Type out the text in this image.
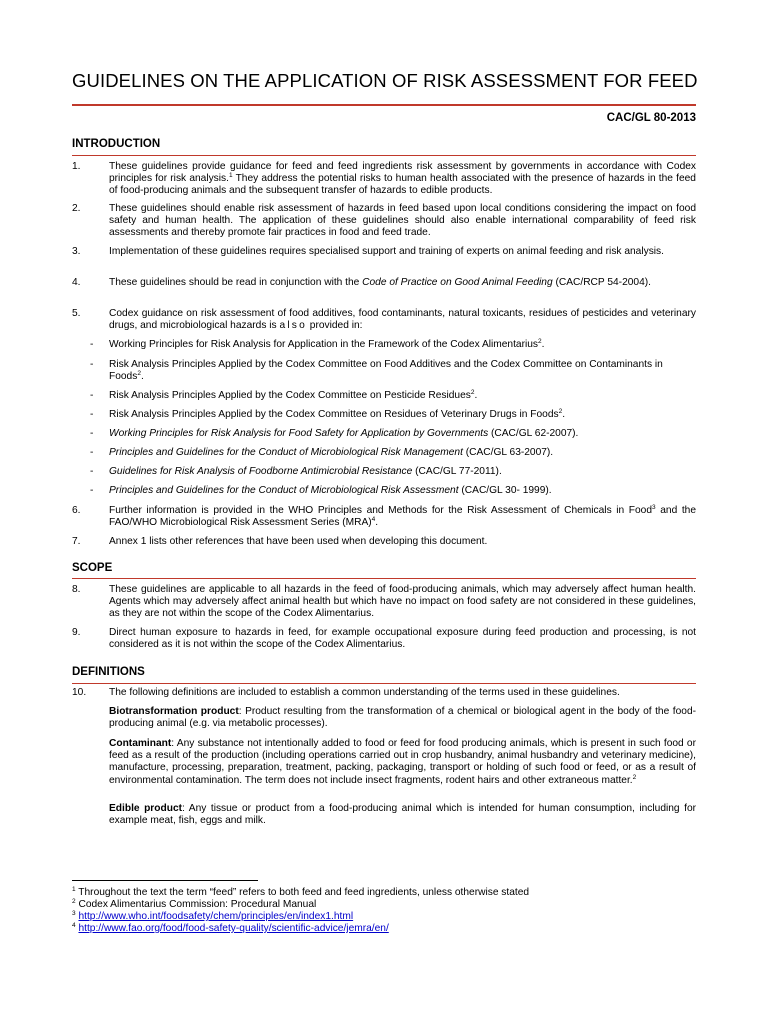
GUIDELINES ON THE APPLICATION OF RISK ASSESSMENT FOR FEED
CAC/GL 80-2013
INTRODUCTION
1.	These guidelines provide guidance for feed and feed ingredients risk assessment by governments in accordance with Codex principles for risk analysis.$^1$ They address the potential risks to human health associated with the presence of hazards in the feed of food-producing animals and the subsequent transfer of hazards to edible products.
2.	These guidelines should enable risk assessment of hazards in feed based upon local conditions considering the impact on food safety and human health. The application of these guidelines should also enable international comparability of feed risk assessments and thereby promote fair practices in food and feed trade.
3.	Implementation of these guidelines requires specialised support and training of experts on animal feeding and risk analysis.
4.	These guidelines should be read in conjunction with the Code of Practice on Good Animal Feeding (CAC/RCP 54-2004).
5.	Codex guidance on risk assessment of food additives, food contaminants, natural toxicants, residues of pesticides and veterinary drugs, and microbiological hazards is also provided in:
- Working Principles for Risk Analysis for Application in the Framework of the Codex Alimentarius$^2$.
- Risk Analysis Principles Applied by the Codex Committee on Food Additives and the Codex Committee on Contaminants in Foods$^2$.
- Risk Analysis Principles Applied by the Codex Committee on Pesticide Residues$^2$.
- Risk Analysis Principles Applied by the Codex Committee on Residues of Veterinary Drugs in Foods$^2$.
- Working Principles for Risk Analysis for Food Safety for Application by Governments (CAC/GL 62-2007).
- Principles and Guidelines for the Conduct of Microbiological Risk Management (CAC/GL 63-2007).
- Guidelines for Risk Analysis of Foodborne Antimicrobial Resistance (CAC/GL 77-2011).
- Principles and Guidelines for the Conduct of Microbiological Risk Assessment (CAC/GL 30- 1999).
6.	Further information is provided in the WHO Principles and Methods for the Risk Assessment of Chemicals in Food$^3$ and the FAO/WHO Microbiological Risk Assessment Series (MRA)$^4$.
7.	Annex 1 lists other references that have been used when developing this document.
SCOPE
8.	These guidelines are applicable to all hazards in the feed of food-producing animals, which may adversely affect human health. Agents which may adversely affect animal health but which have no impact on food safety are not considered in these guidelines, as they are not within the scope of the Codex Alimentarius.
9.	Direct human exposure to hazards in feed, for example occupational exposure during feed production and processing, is not considered as it is not within the scope of the Codex Alimentarius.
DEFINITIONS
10. The following definitions are included to establish a common understanding of the terms used in these guidelines.
Biotransformation product: Product resulting from the transformation of a chemical or biological agent in the body of the food-producing animal (e.g. via metabolic processes).
Contaminant: Any substance not intentionally added to food or feed for food producing animals, which is present in such food or feed as a result of the production (including operations carried out in crop husbandry, animal husbandry and veterinary medicine), manufacture, processing, preparation, treatment, packing, packaging, transport or holding of such food or feed, or as a result of environmental contamination. The term does not include insect fragments, rodent hairs and other extraneous matter.$^2$
Edible product: Any tissue or product from a food-producing animal which is intended for human consumption, including for example meat, fish, eggs and milk.
$^1$ Throughout the text the term “feed” refers to both feed and feed ingredients, unless otherwise stated
$^2$ Codex Alimentarius Commission: Procedural Manual
$^3$ http://www.who.int/foodsafety/chem/principles/en/index1.html
$^4$ http://www.fao.org/food/food-safety-quality/scientific-advice/jemra/en/
